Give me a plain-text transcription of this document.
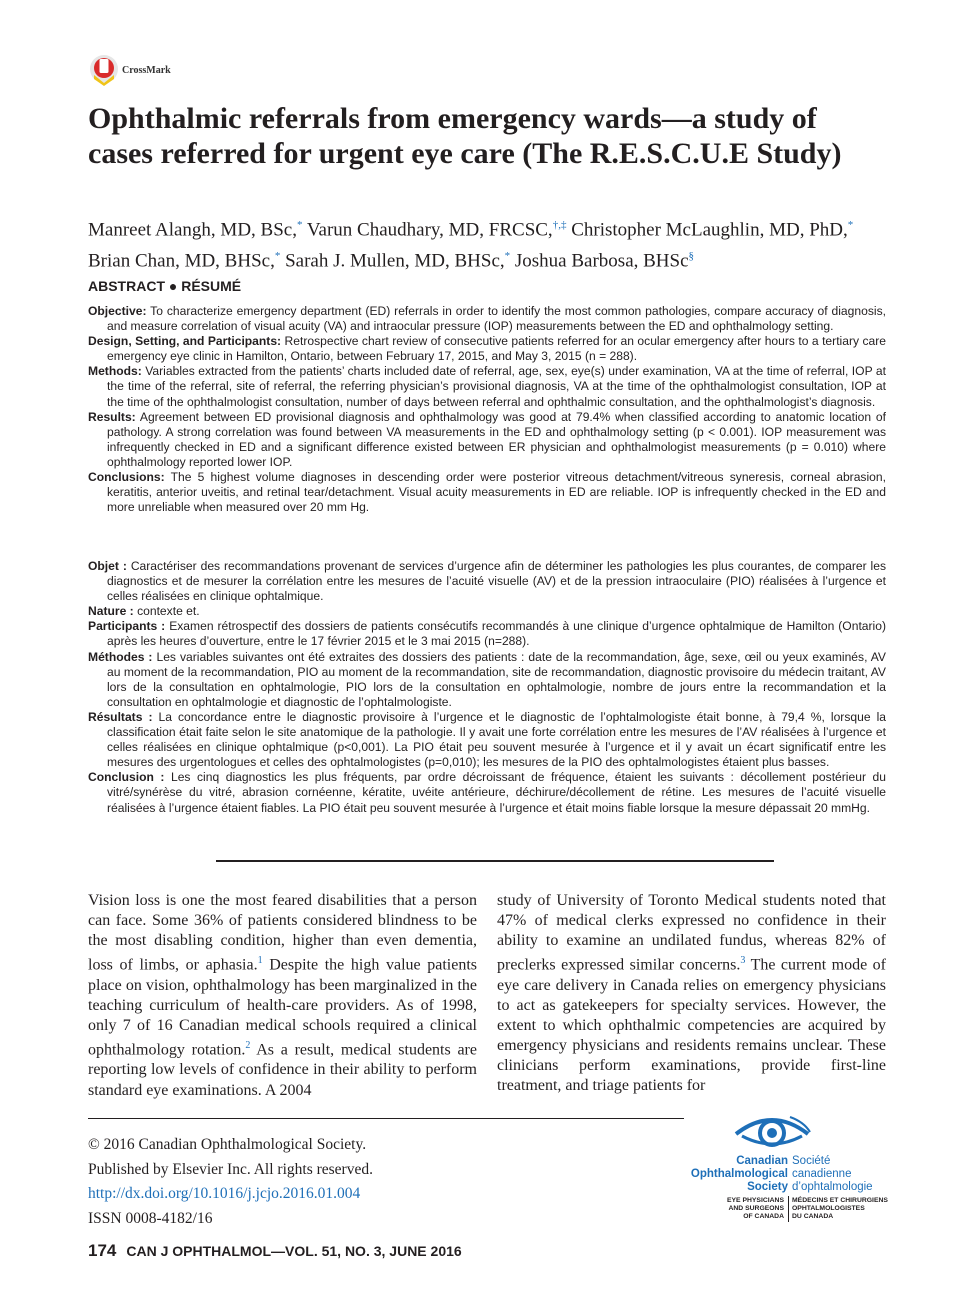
CrossMark
Ophthalmic referrals from emergency wards—a study of cases referred for urgent eye care (The R.E.S.C.U.E Study)
Manreet Alangh, MD, BSc,* Varun Chaudhary, MD, FRCSC,†,‡ Christopher McLaughlin, MD, PhD,*
Brian Chan, MD, BHSc,* Sarah J. Mullen, MD, BHSc,* Joshua Barbosa, BHSc§
ABSTRACT ● RÉSUMÉ

Objective: To characterize emergency department (ED) referrals in order to identify the most common pathologies, compare accuracy of diagnosis, and measure correlation of visual acuity (VA) and intraocular pressure (IOP) measurements between the ED and ophthalmology setting.

Design, Setting, and Participants: Retrospective chart review of consecutive patients referred for an ocular emergency after hours to a tertiary care emergency eye clinic in Hamilton, Ontario, between February 17, 2015, and May 3, 2015 (n = 288).

Methods: Variables extracted from the patients’ charts included date of referral, age, sex, eye(s) under examination, VA at the time of referral, IOP at the time of the referral, site of referral, the referring physician’s provisional diagnosis, VA at the time of the ophthalmologist consultation, IOP at the time of the ophthalmologist consultation, number of days between referral and ophthalmic consultation, and the ophthalmologist’s diagnosis.

Results: Agreement between ED provisional diagnosis and ophthalmology was good at 79.4% when classified according to anatomic location of pathology. A strong correlation was found between VA measurements in the ED and ophthalmology setting (p < 0.001). IOP measurement was infrequently checked in ED and a significant difference existed between ER physician and ophthalmologist measurements (p = 0.010) where ophthalmology reported lower IOP.

Conclusions: The 5 highest volume diagnoses in descending order were posterior vitreous detachment/vitreous syneresis, corneal abrasion, keratitis, anterior uveitis, and retinal tear/detachment. Visual acuity measurements in ED are reliable. IOP is infrequently checked in the ED and more unreliable when measured over 20 mm Hg.

Objet : Caractériser des recommandations provenant de services d’urgence afin de déterminer les pathologies les plus courantes, de comparer les diagnostics et de mesurer la corrélation entre les mesures de l’acuité visuelle (AV) et de la pression intraoculaire (PIO) réalisées à l’urgence et celles réalisées en clinique ophtalmique.

Nature : contexte et.

Participants : Examen rétrospectif des dossiers de patients consécutifs recommandés à une clinique d’urgence ophtalmique de Hamilton (Ontario) après les heures d’ouverture, entre le 17 février 2015 et le 3 mai 2015 (n=288).

Méthodes : Les variables suivantes ont été extraites des dossiers des patients : date de la recommandation, âge, sexe, œil ou yeux examinés, AV au moment de la recommandation, PIO au moment de la recommandation, site de recommandation, diagnostic provisoire du médecin traitant, AV lors de la consultation en ophtalmologie, PIO lors de la consultation en ophtalmologie, nombre de jours entre la recommandation et la consultation en ophtalmologie et diagnostic de l’ophtalmologiste.

Résultats : La concordance entre le diagnostic provisoire à l’urgence et le diagnostic de l’ophtalmologiste était bonne, à 79,4 %, lorsque la classification était faite selon le site anatomique de la pathologie. Il y avait une forte corrélation entre les mesures de l’AV réalisées à l’urgence et celles réalisées en clinique ophtalmique (p<0,001). La PIO était peu souvent mesurée à l’urgence et il y avait un écart significatif entre les mesures des urgentologues et celles des ophtalmologistes (p=0,010); les mesures de la PIO des ophtalmologistes étaient plus basses.

Conclusion : Les cinq diagnostics les plus fréquents, par ordre décroissant de fréquence, étaient les suivants : décollement postérieur du vitré/synérèse du vitré, abrasion cornéenne, kératite, uvéite antérieure, déchirure/décollement de rétine. Les mesures de l’acuité visuelle réalisées à l’urgence étaient fiables. La PIO était peu souvent mesurée à l’urgence et était moins fiable lorsque la mesure dépassait 20 mmHg.

Vision loss is one the most feared disabilities that a person can face. Some 36% of patients considered blindness to be the most disabling condition, higher than even dementia, loss of limbs, or aphasia.$^1$ Despite the high value patients place on vision, ophthalmology has been marginalized in the teaching curriculum of health-care providers. As of 1998, only 7 of 16 Canadian medical schools required a clinical ophthalmology rotation.$^2$ As a result, medical students are reporting low levels of confidence in their ability to perform standard eye examinations. A 2004
study of University of Toronto Medical students noted that 47% of medical clerks expressed no confidence in their ability to examine an undilated fundus, whereas 82% of preclerks expressed similar concerns.$^3$ The current mode of eye care delivery in Canada relies on emergency physicians to act as gatekeepers for specialty services. However, the extent to which ophthalmic competencies are acquired by emergency physicians and residents remains unclear. These clinicians perform examinations, provide first-line treatment, and triage patients for
© 2016 Canadian Ophthalmological Society.
Published by Elsevier Inc. All rights reserved.
http://dx.doi.org/10.1016/j.jcjo.2016.01.004
ISSN 0008-4182/16
Canadian
Ophthalmological
Society
Société
canadienne
d’ophtalmologie
EYE PHYSICIANS
AND SURGEONS
OF CANADA
MÉDECINS ET CHIRURGIENS
OPHTALMOLOGISTES
DU CANADA
174 CAN J OPHTHALMOL—VOL. 51, NO. 3, JUNE 2016
